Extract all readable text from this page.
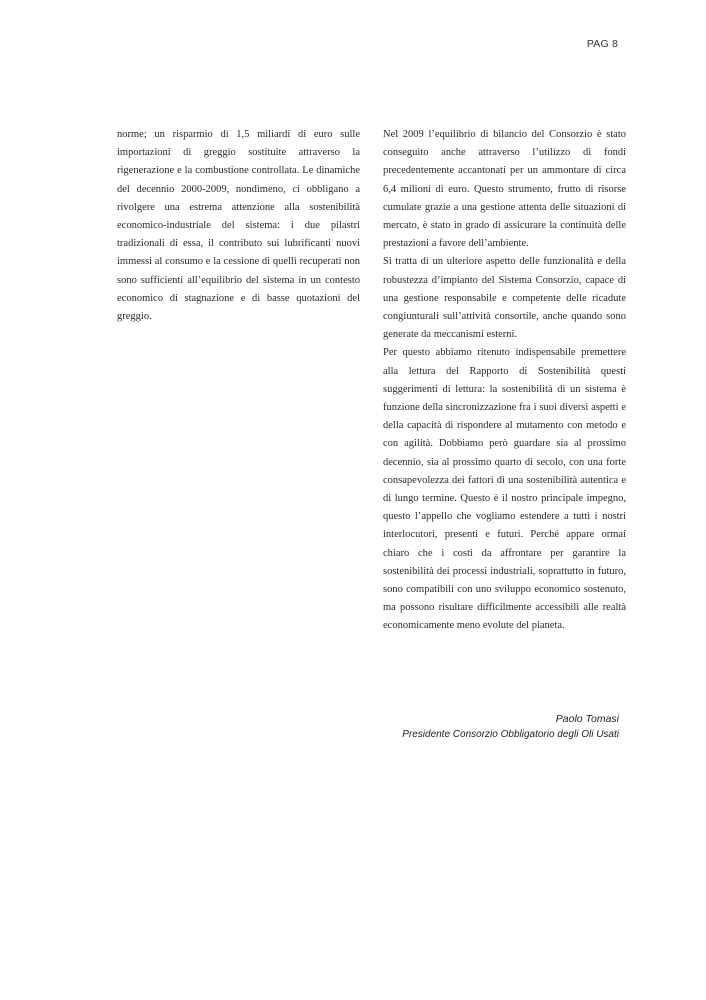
PAG 8

norme; un risparmio di 1,5 miliardi di euro sulle importazioni di greggio sostituite attraverso la rigenerazione e la combustione controllata. Le dinamiche del decennio 2000-2009, nondimeno, ci obbligano a rivolgere una estrema attenzione alla sostenibilità economico-industriale del sistema: i due pilastri tradizionali di essa, il contributo sui lubrificanti nuovi immessi al consumo e la cessione di quelli recuperati non sono sufficienti all’equilibrio del sistema in un contesto economico di stagnazione e di basse quotazioni del greggio.

Nel 2009 l’equilibrio di bilancio del Consorzio è stato conseguito anche attraverso l’utilizzo di fondi precedentemente accantonati per un ammontare di circa 6,4 milioni di euro. Questo strumento, frutto di risorse cumulate grazie a una gestione attenta delle situazioni di mercato, è stato in grado di assicurare la continuità delle prestazioni a favore dell’ambiente.

Si tratta di un ulteriore aspetto delle funzionalità e della robustezza d’impianto del Sistema Consorzio, capace di una gestione responsabile e competente delle ricadute congiunturali sull’attività consortile, anche quando sono generate da meccanismi esterni.

Per questo abbiamo ritenuto indispensabile premettere alla lettura del Rapporto di Sostenibilità questi suggerimenti di lettura: la sostenibilità di un sistema è funzione della sincronizzazione fra i suoi diversi aspetti e della capacità di rispondere al mutamento con metodo e con agilità. Dobbiamo però guardare sia al prossimo decennio, sia al prossimo quarto di secolo, con una forte consapevolezza dei fattori di una sostenibilità autentica e di lungo termine. Questo è il nostro principale impegno, questo l’appello che vogliamo estendere a tutti i nostri interlocutori, presenti e futuri. Perché appare ormai chiaro che i costi da affrontare per garantire la sostenibilità dei processi industriali, soprattutto in futuro, sono compatibili con uno sviluppo economico sostenuto, ma possono risultare difficilmente accessibili alle realtà economicamente meno evolute del pianeta.

Paolo Tomasi
Presidente Consorzio Obbligatorio degli Oli Usati
